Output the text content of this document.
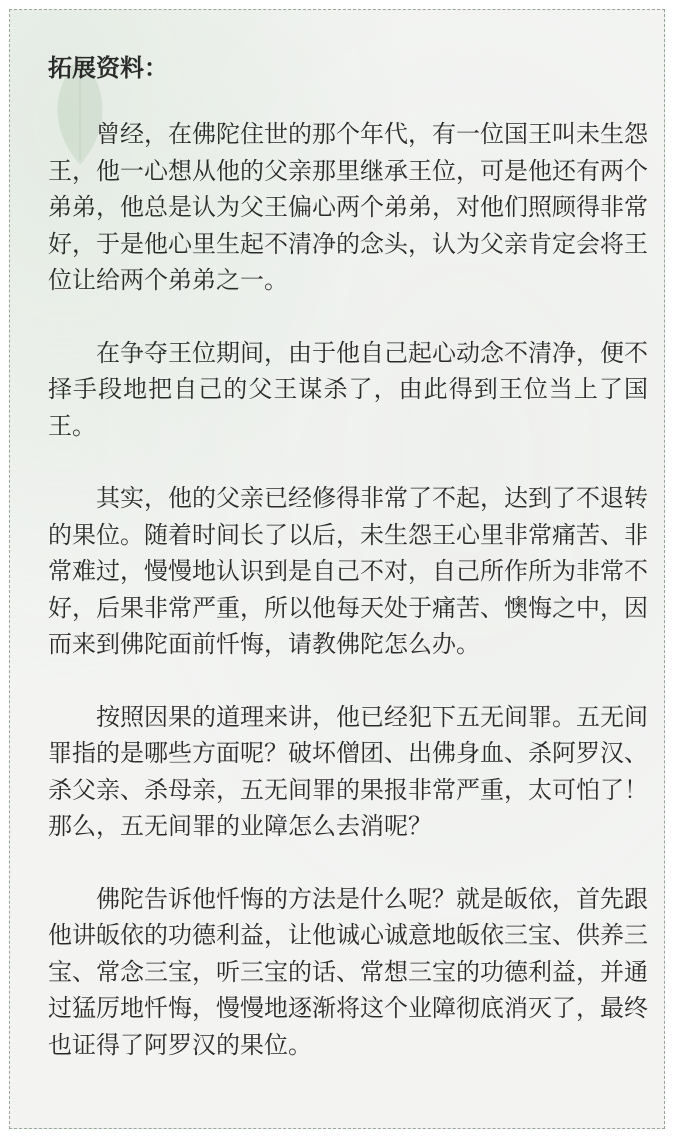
拓展资料：

曾经，在佛陀住世的那个年代，有一位国王叫未生怨王，他一心想从他的父亲那里继承王位，可是他还有两个弟弟，他总是认为父王偏心两个弟弟，对他们照顾得非常好，于是他心里生起不清净的念头，认为父亲肯定会将王位让给两个弟弟之一。

在争夺王位期间，由于他自己起心动念不清净，便不择手段地把自己的父王谋杀了，由此得到王位当上了国王。

其实，他的父亲已经修得非常了不起，达到了不退转的果位。随着时间长了以后，未生怨王心里非常痛苦、非常难过，慢慢地认识到是自己不对，自己所作所为非常不好，后果非常严重，所以他每天处于痛苦、懊悔之中，因而来到佛陀面前忏悔，请教佛陀怎么办。

按照因果的道理来讲，他已经犯下五无间罪。五无间罪指的是哪些方面呢？破坏僧团、出佛身血、杀阿罗汉、杀父亲、杀母亲，五无间罪的果报非常严重，太可怕了！那么，五无间罪的业障怎么去消呢？

佛陀告诉他忏悔的方法是什么呢？就是皈依，首先跟他讲皈依的功德利益，让他诚心诚意地皈依三宝、供养三宝、常念三宝，听三宝的话、常想三宝的功德利益，并通过猛厉地忏悔，慢慢地逐渐将这个业障彻底消灭了，最终也证得了阿罗汉的果位。
